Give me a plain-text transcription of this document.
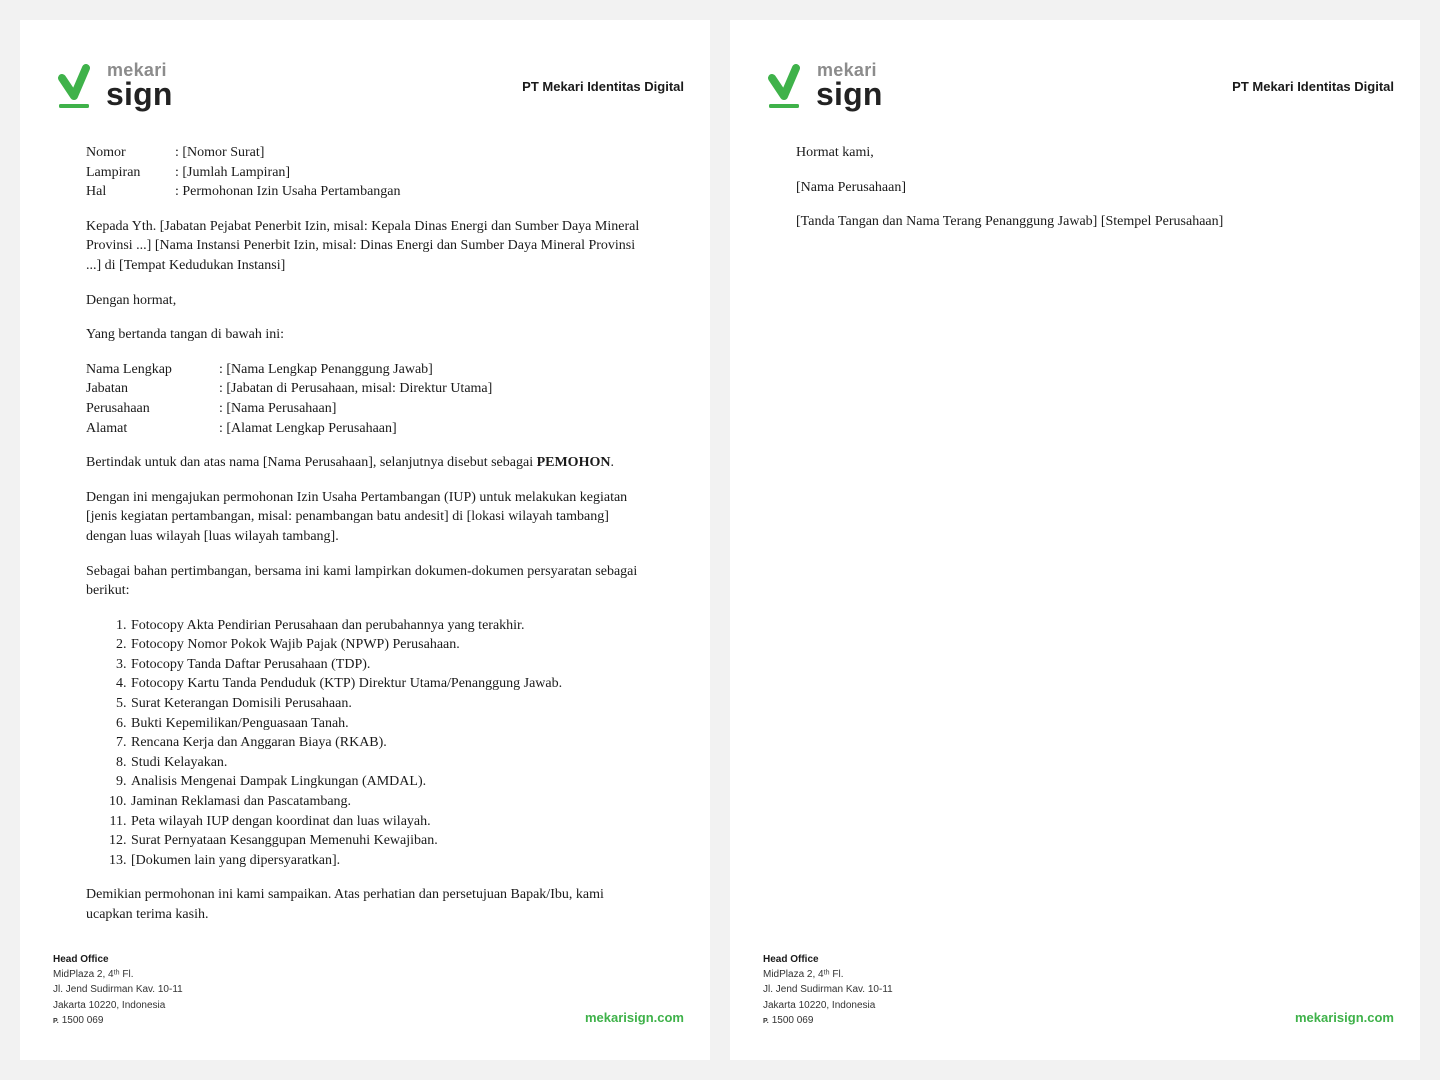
mekari
sign	PT Mekari Identitas Digital
Nomor	: [Nomor Surat]
Lampiran	: [Jumlah Lampiran]
Hal	: Permohonan Izin Usaha Pertambangan

Kepada Yth. [Jabatan Pejabat Penerbit Izin, misal: Kepala Dinas Energi dan Sumber Daya Mineral Provinsi ...] [Nama Instansi Penerbit Izin, misal: Dinas Energi dan Sumber Daya Mineral Provinsi ...] di [Tempat Kedudukan Instansi]

Dengan hormat,

Yang bertanda tangan di bawah ini:

Nama Lengkap	: [Nama Lengkap Penanggung Jawab]
Jabatan	: [Jabatan di Perusahaan, misal: Direktur Utama]
Perusahaan	: [Nama Perusahaan]
Alamat	: [Alamat Lengkap Perusahaan]

Bertindak untuk dan atas nama [Nama Perusahaan], selanjutnya disebut sebagai PEMOHON.

Dengan ini mengajukan permohonan Izin Usaha Pertambangan (IUP) untuk melakukan kegiatan [jenis kegiatan pertambangan, misal: penambangan batu andesit] di [lokasi wilayah tambang] dengan luas wilayah [luas wilayah tambang].

Sebagai bahan pertimbangan, bersama ini kami lampirkan dokumen-dokumen persyaratan sebagai berikut:

1. Fotocopy Akta Pendirian Perusahaan dan perubahannya yang terakhir.
2. Fotocopy Nomor Pokok Wajib Pajak (NPWP) Perusahaan.
3. Fotocopy Tanda Daftar Perusahaan (TDP).
4. Fotocopy Kartu Tanda Penduduk (KTP) Direktur Utama/Penanggung Jawab.
5. Surat Keterangan Domisili Perusahaan.
6. Bukti Kepemilikan/Penguasaan Tanah.
7. Rencana Kerja dan Anggaran Biaya (RKAB).
8. Studi Kelayakan.
9. Analisis Mengenai Dampak Lingkungan (AMDAL).
10. Jaminan Reklamasi dan Pascatambang.
11. Peta wilayah IUP dengan koordinat dan luas wilayah.
12. Surat Pernyataan Kesanggupan Memenuhi Kewajiban.
13. [Dokumen lain yang dipersyaratkan].

Demikian permohonan ini kami sampaikan. Atas perhatian dan persetujuan Bapak/Ibu, kami ucapkan terima kasih.

Head Office
MidPlaza 2, 4ᵗʰ Fl.
Jl. Jend Sudirman Kav. 10-11
Jakarta 10220, Indonesia
P. 1500 069	mekarisign.com
mekari
sign	PT Mekari Identitas Digital

Hormat kami,

[Nama Perusahaan]

[Tanda Tangan dan Nama Terang Penanggung Jawab] [Stempel Perusahaan]

Head Office
MidPlaza 2, 4ᵗʰ Fl.
Jl. Jend Sudirman Kav. 10-11
Jakarta 10220, Indonesia
P. 1500 069	mekarisign.com
